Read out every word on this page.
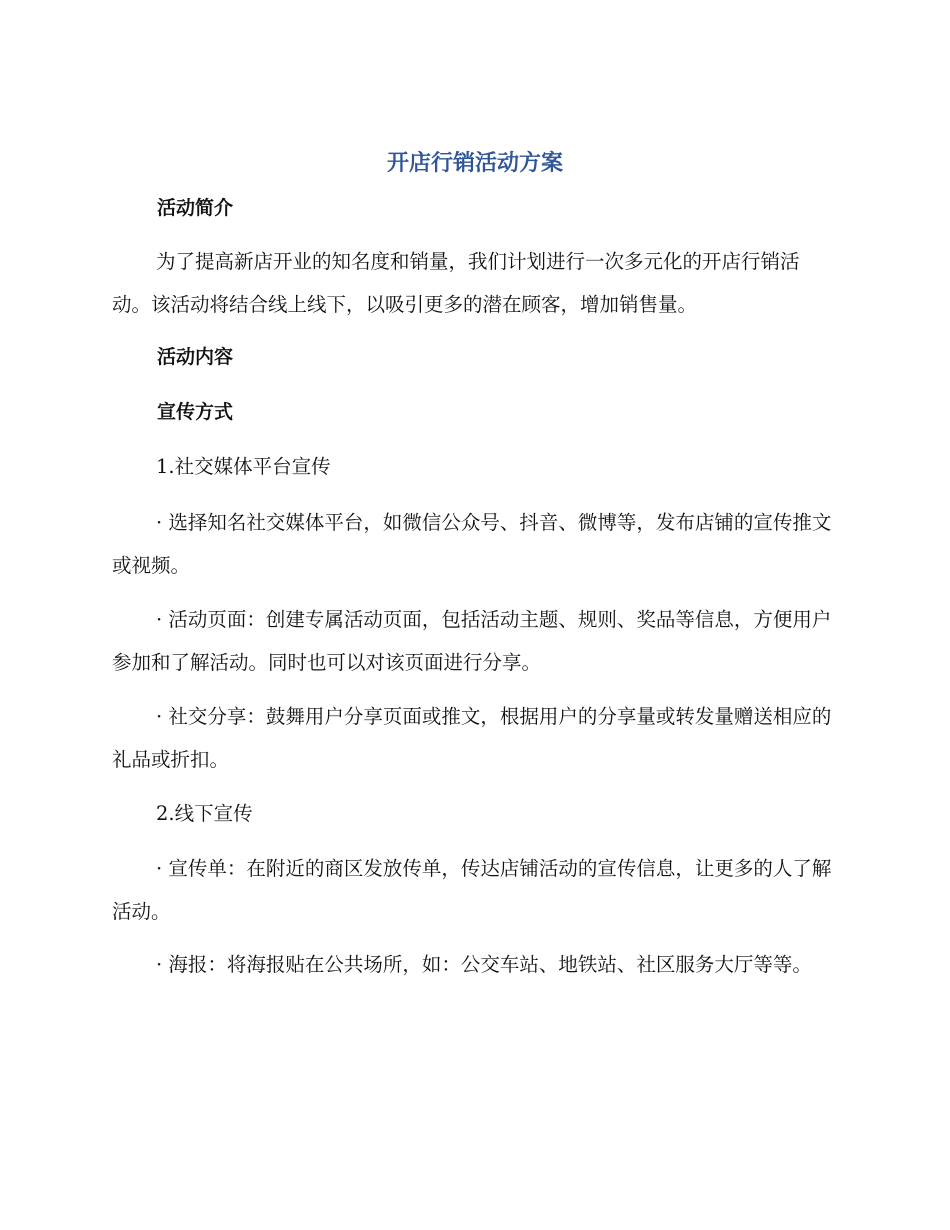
开店行销活动方案
活动简介

为了提高新店开业的知名度和销量，我们计划进行一次多元化的开店行销活动。该活动将结合线上线下，以吸引更多的潜在顾客，增加销售量。

活动内容
宣传方式

1.社交媒体平台宣传

· 选择知名社交媒体平台，如微信公众号、抖音、微博等，发布店铺的宣传推文或视频。

· 活动页面：创建专属活动页面，包括活动主题、规则、奖品等信息，方便用户参加和了解活动。同时也可以对该页面进行分享。

· 社交分享：鼓舞用户分享页面或推文，根据用户的分享量或转发量赠送相应的礼品或折扣。

2.线下宣传

· 宣传单：在附近的商区发放传单，传达店铺活动的宣传信息，让更多的人了解活动。

· 海报：将海报贴在公共场所，如：公交车站、地铁站、社区服务大厅等等。
